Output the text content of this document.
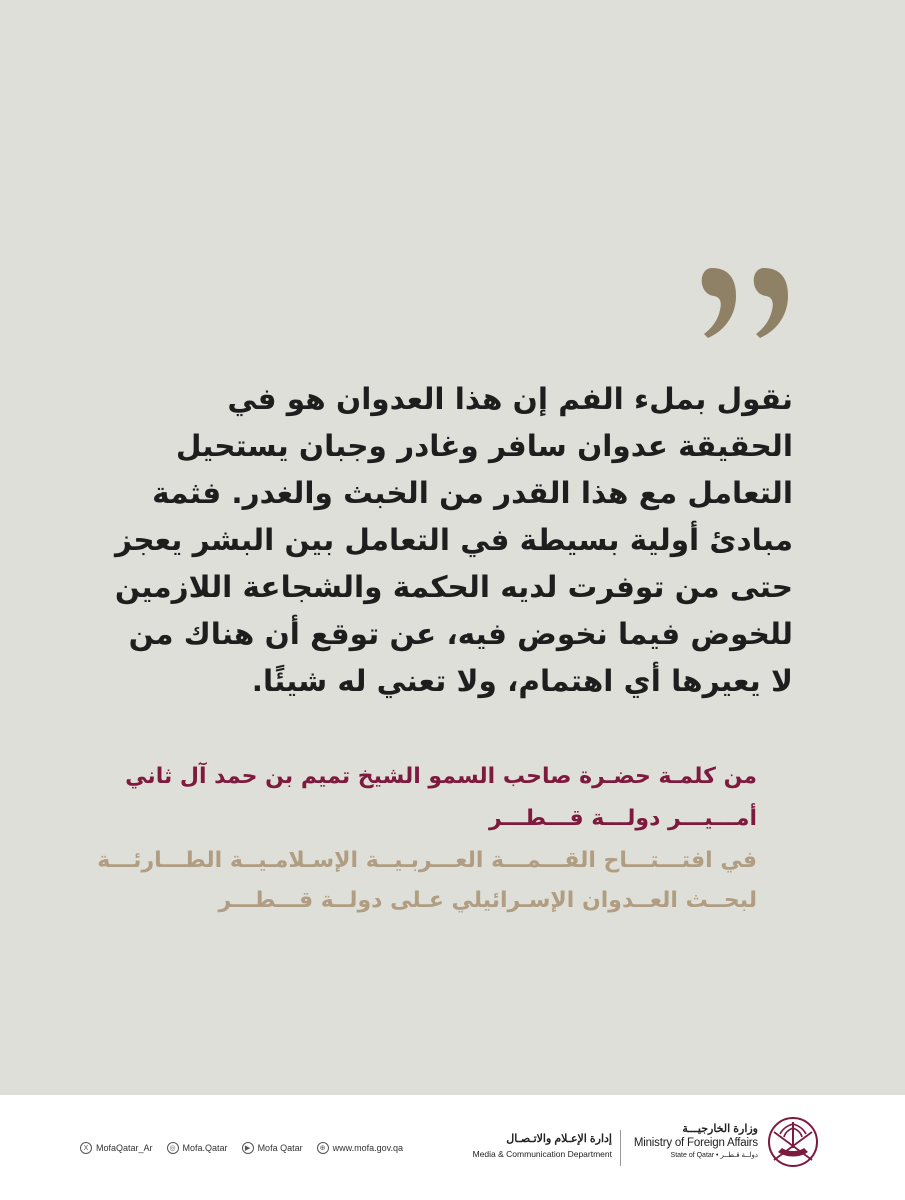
نقول بملء الفم إن هذا العدوان هو في الحقيقة عدوان سافر وغادر وجبان يستحيل التعامل مع هذا القدر من الخبث والغدر. فثمة مبادئ أولية بسيطة في التعامل بين البشر يعجز حتى من توفرت لديه الحكمة والشجاعة اللازمين للخوض فيما نخوض فيه، عن توقع أن هناك من لا يعيرها أي اهتمام، ولا تعني له شيئًا.

من كلمـة حضـرة صاحب السمو الشيخ تميم بن حمد آل ثاني

أمـــيـــر دولـــة قـــطـــر

في افتـــتـــاح القـــمـــة العـــربـيــة الإسـلامـيــة الطـــارئـــة

لبحــث العــدوان الإسـرائيلي عـلى دولــة قـــطـــر

X MofaQatar_Ar	◎ Mofa.Qatar	▶ Mofa Qatar	⊕ www.mofa.gov.qa
إدارة الإعـلام والاتـصـال
Media & Communication Department
وزارة الخارجيـــة
Ministry of Foreign Affairs
State of Qatar • دولــة قـطــر
